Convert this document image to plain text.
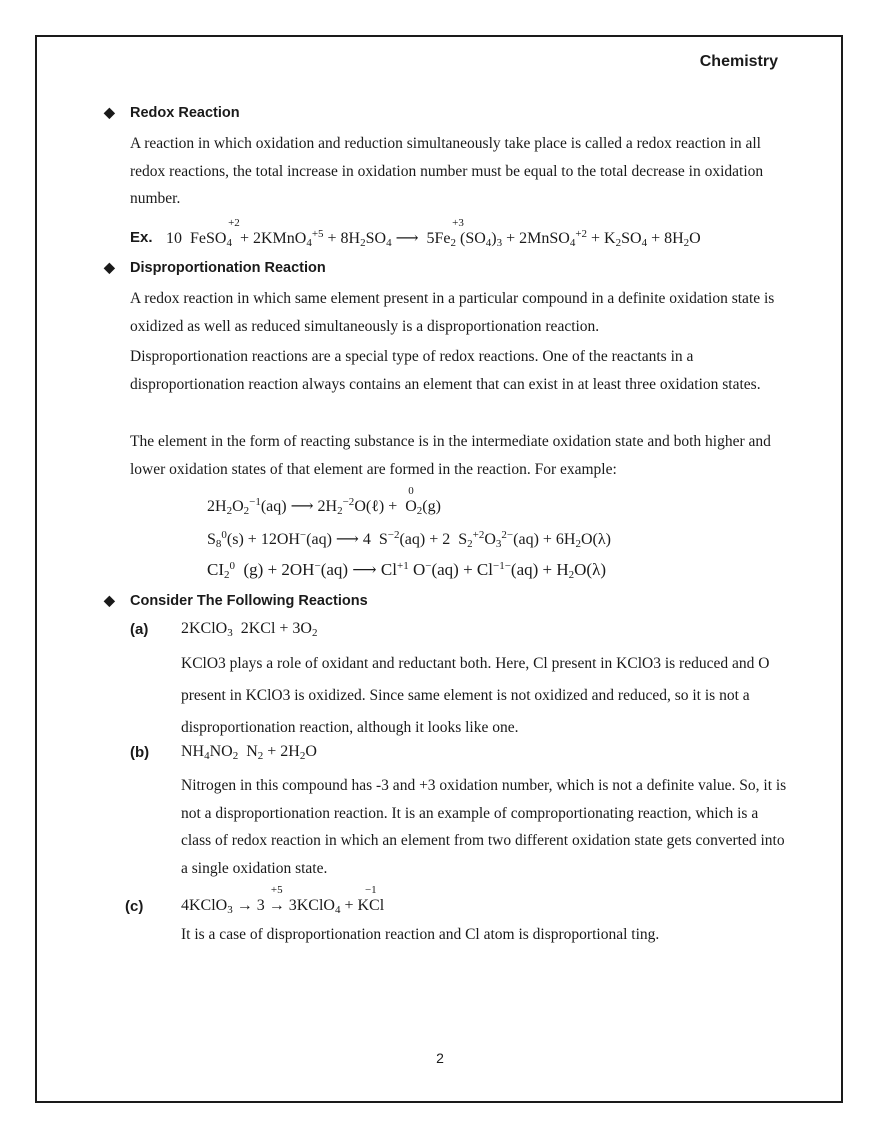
Chemistry
◆ Redox Reaction
A reaction in which oxidation and reduction simultaneously take place is called a redox reaction in all redox reactions, the total increase in oxidation number must be equal to the total decrease in oxidation number.
Ex. 10  FeSO$_4$
+2
+ 2KMnO$_4^{+5}$ + $8H_2SO_4$ ⟶  $5Fe_2$
+3
$(SO_4)_3$ + 2MnSO$_4^{+2}$ + $K_2SO_4 + 8H_2O$
◆ Disproportionation Reaction
A redox reaction in which same element present in a particular compound in a definite oxidation state is oxidized as well as reduced simultaneously is a disproportionation reaction.
Disproportionation reactions are a special type of redox reactions. One of the reactants in a disproportionation reaction always contains an element that can exist in at least three oxidation states.
The element in the form of reacting substance is in the intermediate oxidation state and both higher and lower oxidation states of that element are formed in the reaction. For example:
$2H_2O_2^{-1}(aq)$ ⟶ $2H_2^{-2}O(\ell) + O$
0
$_2$(g)
$S_8^0(s) + 12OH^-(aq)$ ⟶ 4  $S^{-2}(aq) + 2$  $S_2^{+2}O_3^{2-}(aq) + 6H_2O(\lambda)$
$CI_2^0$  (g) + 2OH−(aq) ⟶ $Cl^{+1}$ $O^-(aq) + Cl^{-1-}(aq) + H_2O(\lambda)$
◆ Consider The Following Reactions
(a) 2KClO$_3$  $2KCl + 3O_2$
KClO3 plays a role of oxidant and reductant both. Here, Cl present in KClO3 is reduced and O present in KClO3 is oxidized. Since same element is not oxidized and reduced, so it is not a disproportionation reaction, although it looks like one.
(b) $NH_4NO_2$  $N_2 + 2H_2O$
Nitrogen in this compound has -3 and +3 oxidation number, which is not a definite value. So, it is not a disproportionation reaction. It is an example of comproportionating reaction, which is a class of redox reaction in which an element from two different oxidation state gets converted into a single oxidation state.
(c) 4KClO$_3$ → 3 →
+5
3KClO$_4$ + KCl
−1
It is a case of disproportionation reaction and Cl atom is disproportional ting.
2
